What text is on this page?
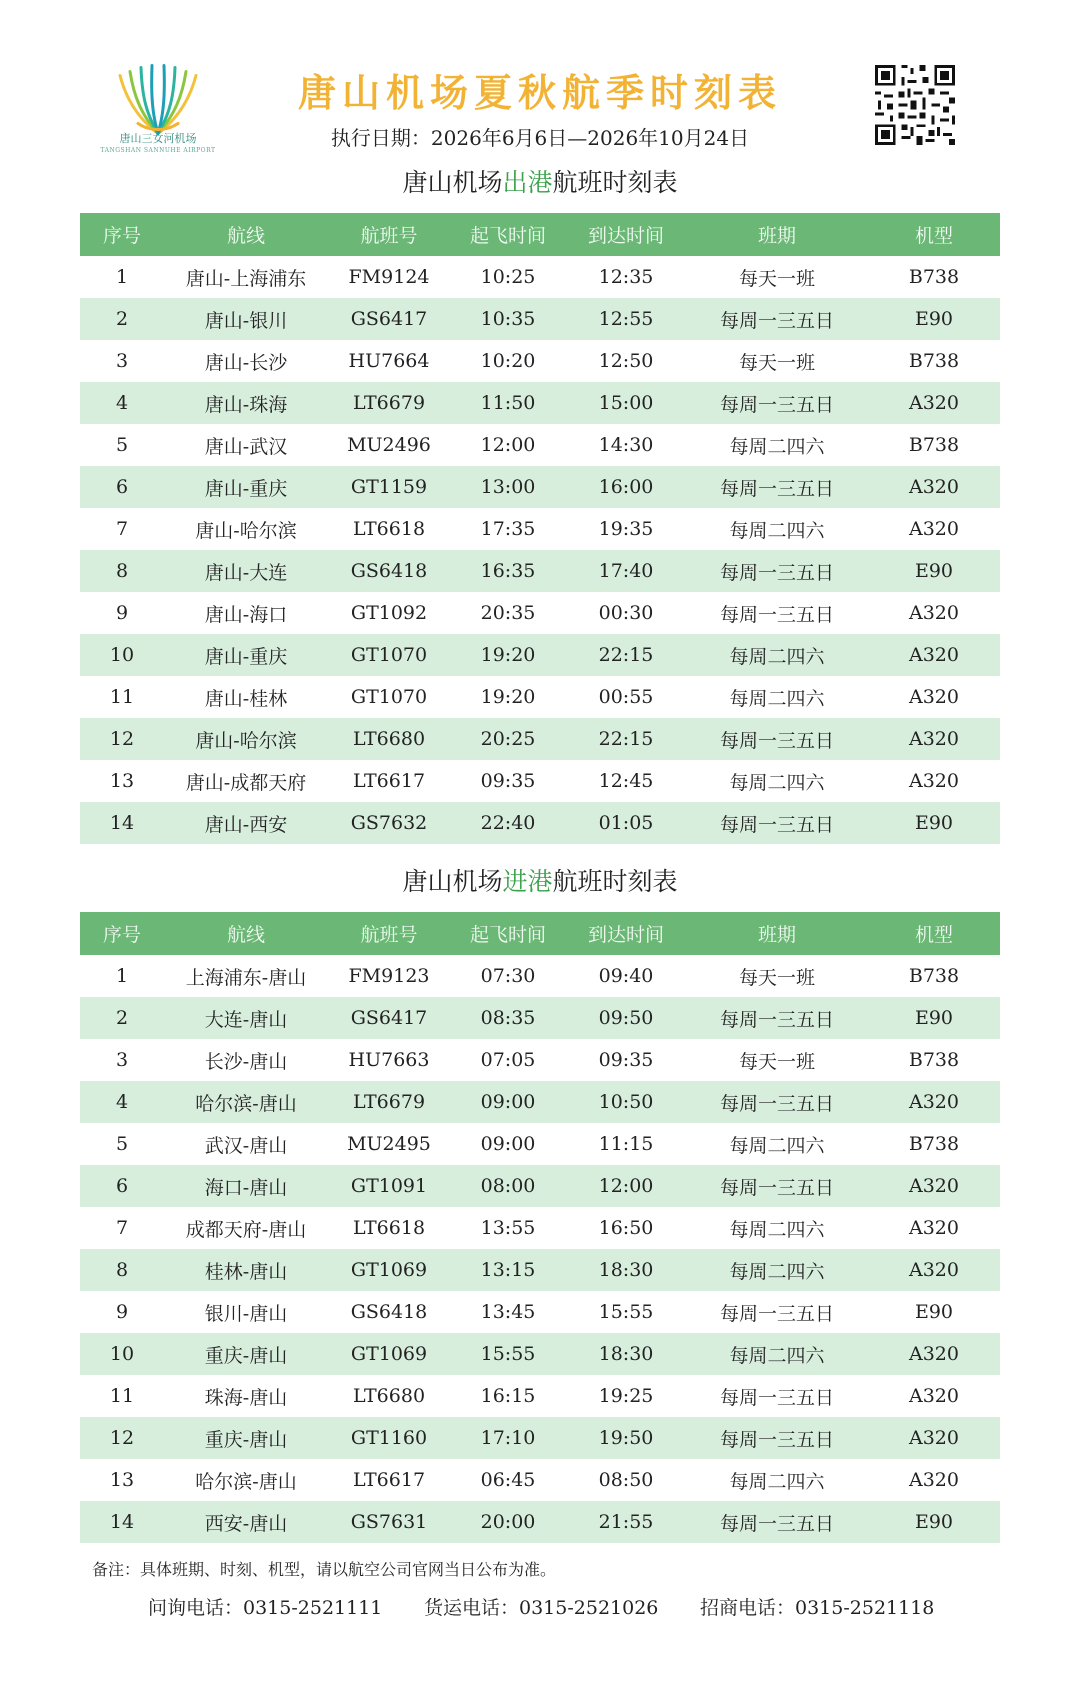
唐山三女河机场
TANGSHAN SANNUHE AIRPORT
唐山机场夏秋航季时刻表
执行日期：2026年6月6日—2026年10月24日
唐山机场出港航班时刻表
序号	航线	航班号	起飞时间	到达时间	班期	机型
1	唐山-上海浦东	FM9124	10:25	12:35	每天一班	B738
2	唐山-银川	GS6417	10:35	12:55	每周一三五日	E90
3	唐山-长沙	HU7664	10:20	12:50	每天一班	B738
4	唐山-珠海	LT6679	11:50	15:00	每周一三五日	A320
5	唐山-武汉	MU2496	12:00	14:30	每周二四六	B738
6	唐山-重庆	GT1159	13:00	16:00	每周一三五日	A320
7	唐山-哈尔滨	LT6618	17:35	19:35	每周二四六	A320
8	唐山-大连	GS6418	16:35	17:40	每周一三五日	E90
9	唐山-海口	GT1092	20:35	00:30	每周一三五日	A320
10	唐山-重庆	GT1070	19:20	22:15	每周二四六	A320
11	唐山-桂林	GT1070	19:20	00:55	每周二四六	A320
12	唐山-哈尔滨	LT6680	20:25	22:15	每周一三五日	A320
13	唐山-成都天府	LT6617	09:35	12:45	每周二四六	A320
14	唐山-西安	GS7632	22:40	01:05	每周一三五日	E90
唐山机场进港航班时刻表
序号	航线	航班号	起飞时间	到达时间	班期	机型
1	上海浦东-唐山	FM9123	07:30	09:40	每天一班	B738
2	大连-唐山	GS6417	08:35	09:50	每周一三五日	E90
3	长沙-唐山	HU7663	07:05	09:35	每天一班	B738
4	哈尔滨-唐山	LT6679	09:00	10:50	每周一三五日	A320
5	武汉-唐山	MU2495	09:00	11:15	每周二四六	B738
6	海口-唐山	GT1091	08:00	12:00	每周一三五日	A320
7	成都天府-唐山	LT6618	13:55	16:50	每周二四六	A320
8	桂林-唐山	GT1069	13:15	18:30	每周二四六	A320
9	银川-唐山	GS6418	13:45	15:55	每周一三五日	E90
10	重庆-唐山	GT1069	15:55	18:30	每周二四六	A320
11	珠海-唐山	LT6680	16:15	19:25	每周一三五日	A320
12	重庆-唐山	GT1160	17:10	19:50	每周一三五日	A320
13	哈尔滨-唐山	LT6617	06:45	08:50	每周二四六	A320
14	西安-唐山	GS7631	20:00	21:55	每周一三五日	E90
备注：具体班期、时刻、机型，请以航空公司官网当日公布为准。
问询电话：0315-2521111 货运电话：0315-2521026 招商电话：0315-2521118
